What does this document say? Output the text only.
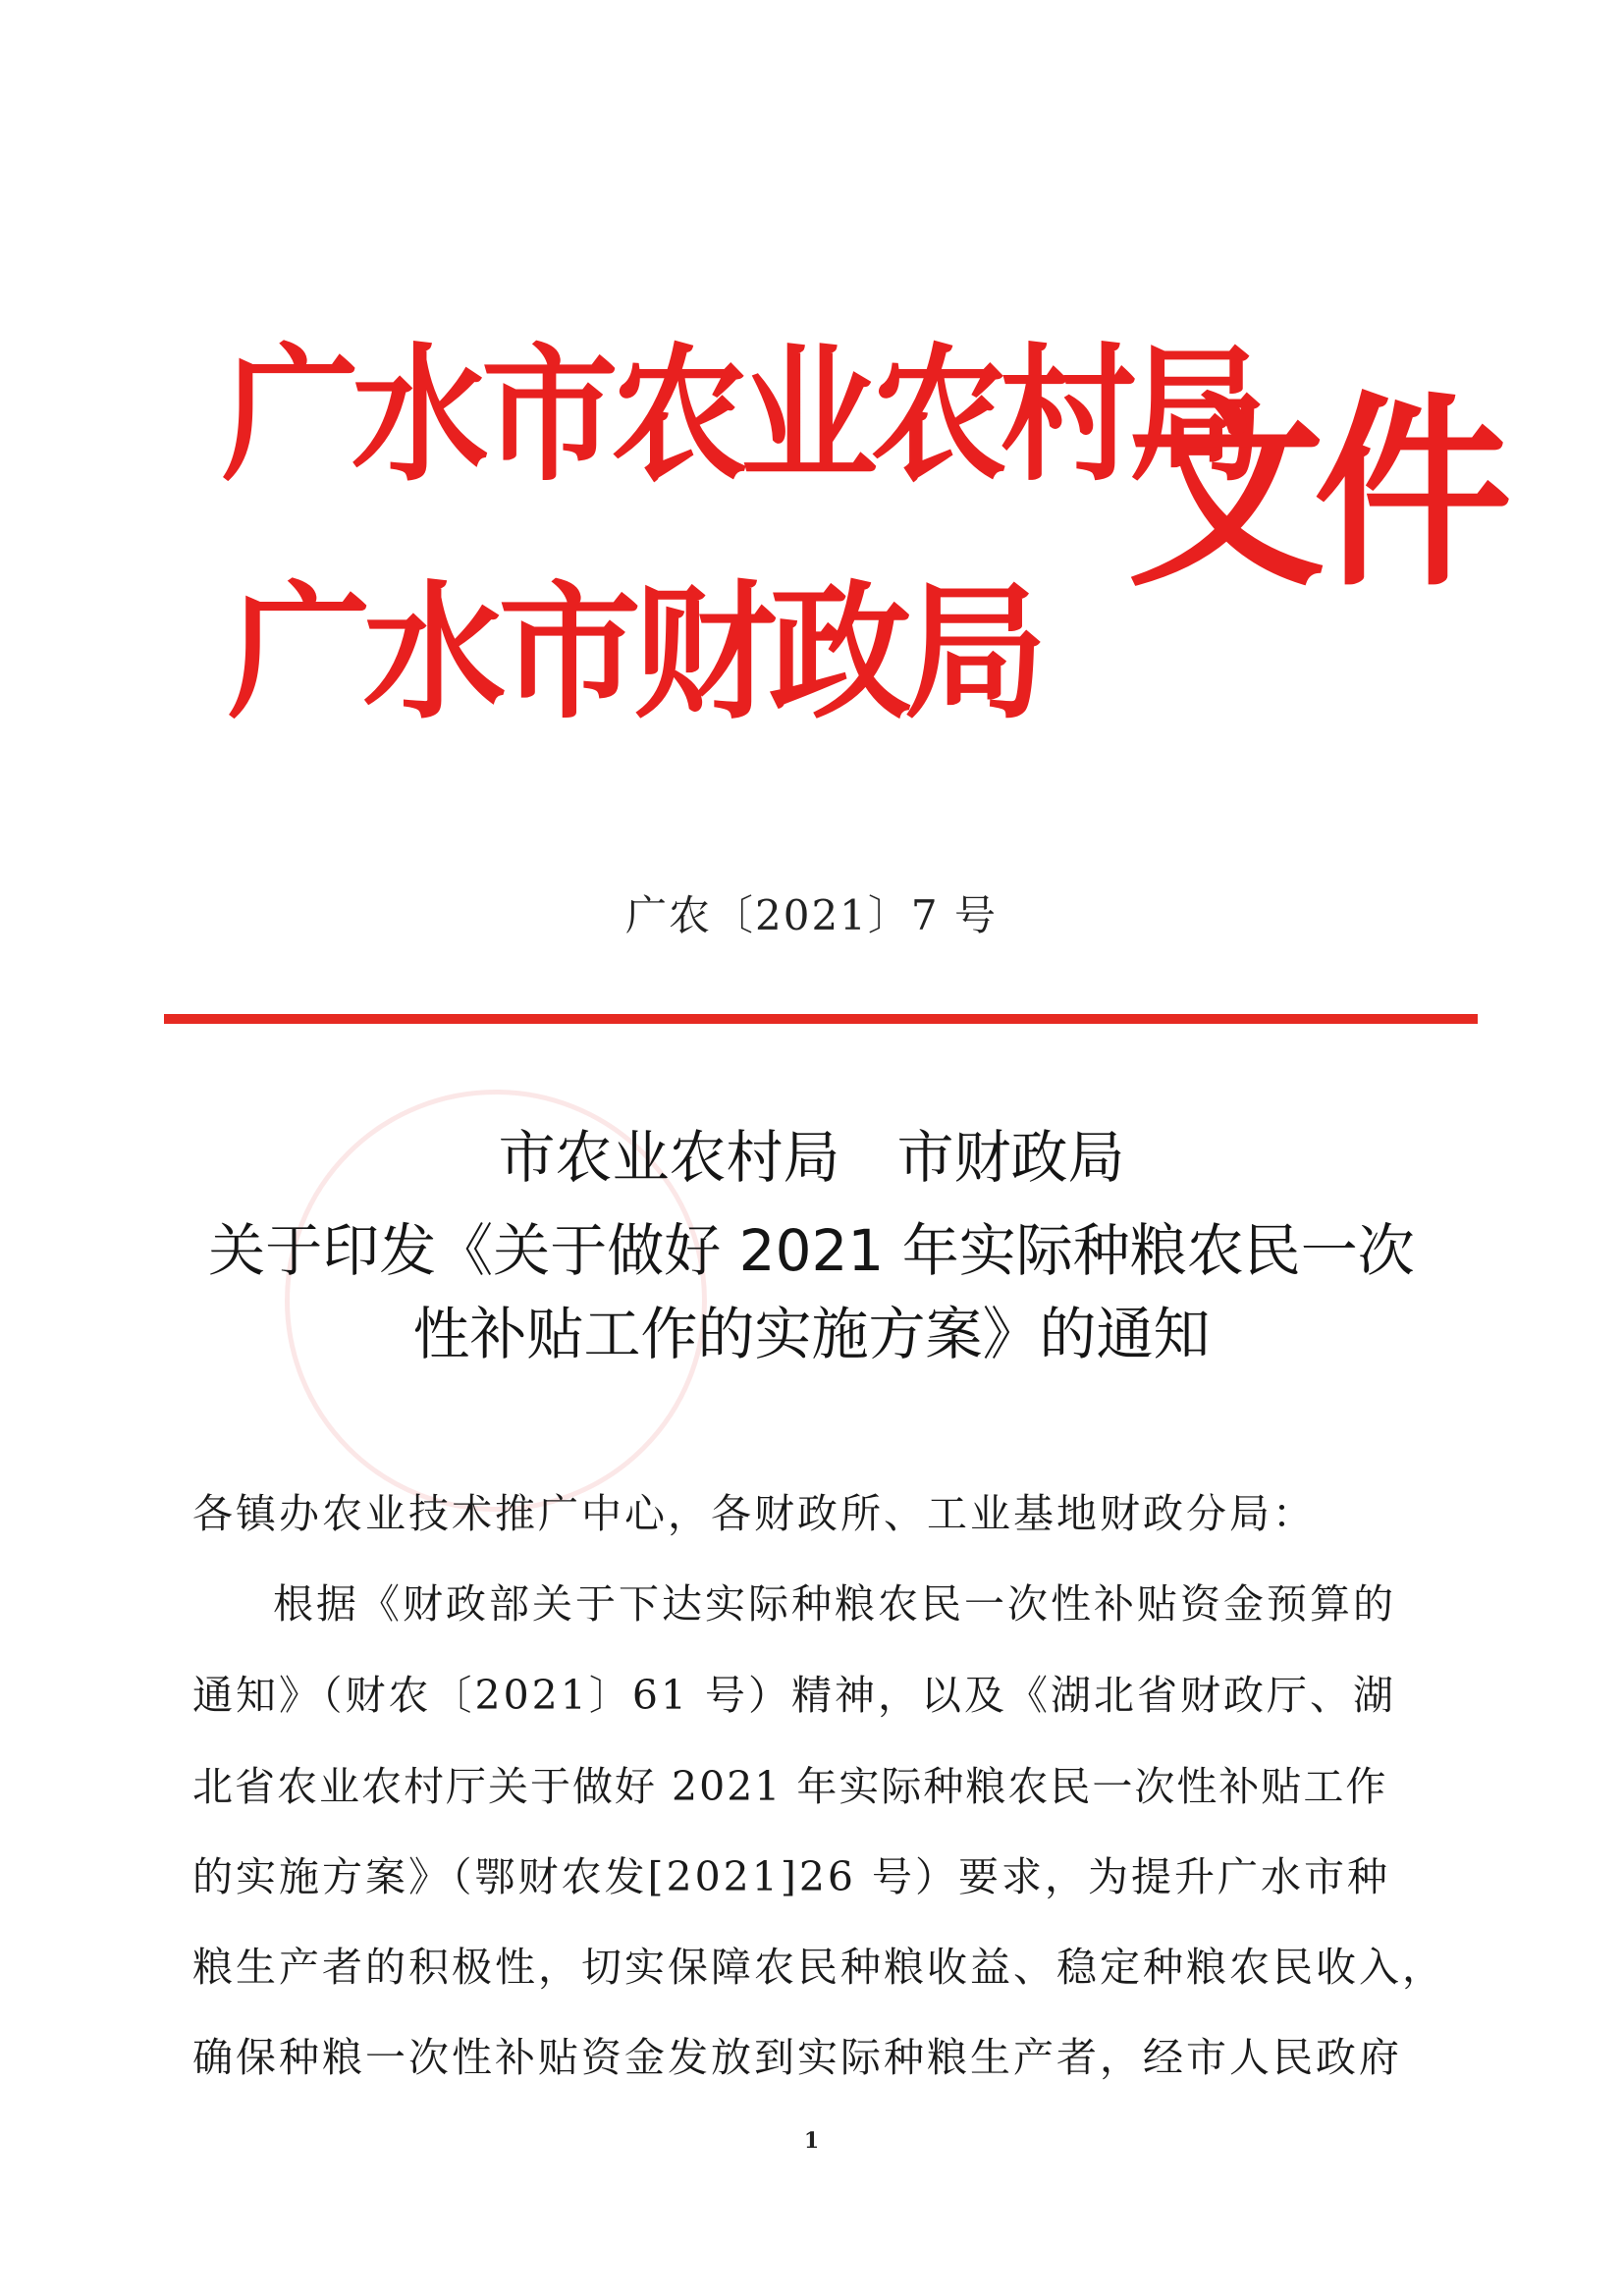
广水市农业农村局
广水市财政局
文件
广农〔2021〕7 号
市农业农村局　市财政局
关于印发《关于做好 2021 年实际种粮农民一次
性补贴工作的实施方案》的通知
各镇办农业技术推广中心，各财政所、工业基地财政分局：
根据《财政部关于下达实际种粮农民一次性补贴资金预算的
通知》（财农〔2021〕61 号）精神，以及《湖北省财政厅、湖
北省农业农村厅关于做好 2021 年实际种粮农民一次性补贴工作
的实施方案》（鄂财农发[2021]26 号）要求，为提升广水市种
粮生产者的积极性，切实保障农民种粮收益、稳定种粮农民收入，
确保种粮一次性补贴资金发放到实际种粮生产者，经市人民政府
1
